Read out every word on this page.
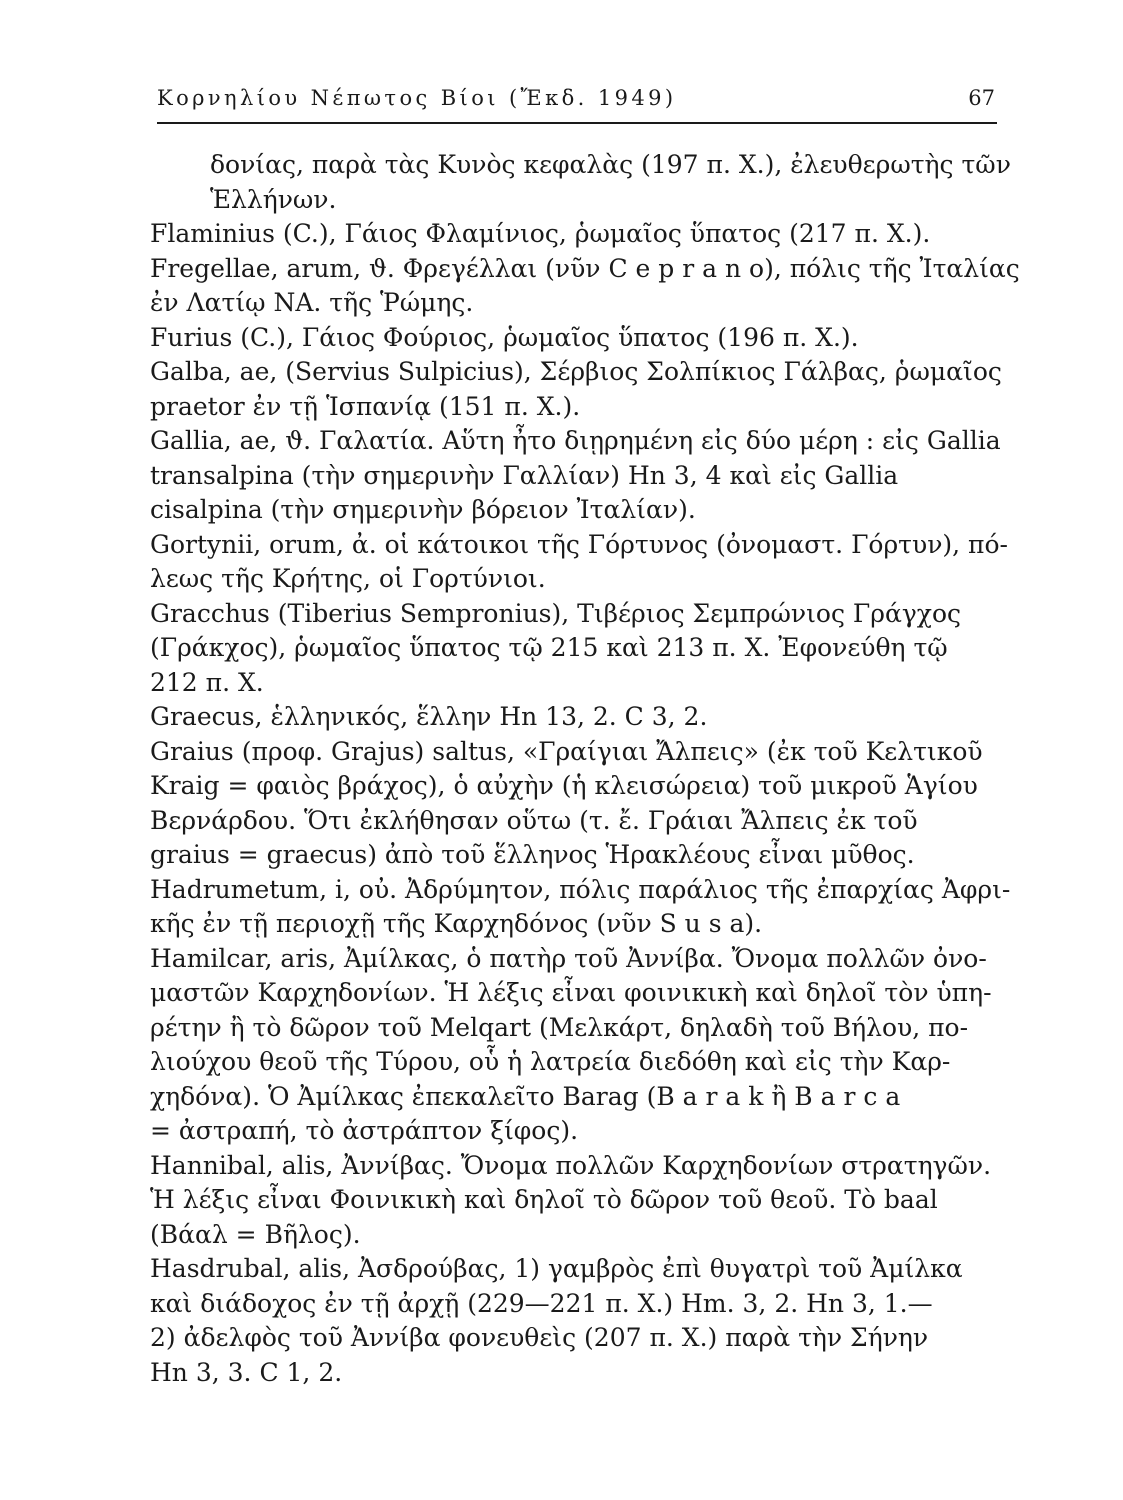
Κορνηλίου Νέπωτος Βίοι (Ἔκδ. 1949)	67
δονίας, παρὰ τὰς Κυνὸς κεφαλὰς (197 π. Χ.), ἐλευθερωτὴς τῶν
Ἑλλήνων.
Flaminius (C.), Γάιος Φλαμίνιος, ῥωμαῖος ὕπατος (217 π. Χ.).
Fregellae, arum, ϑ. Φρεγέλλαι (νῦν C e p r a n o), πόλις τῆς Ἰταλίας
ἐν Λατίῳ ΝΑ. τῆς Ῥώμης.
Furius (C.), Γάιος Φούριος, ῥωμαῖος ὕπατος (196 π. Χ.).
Galba, ae, (Servius Sulpicius), Σέρβιος Σολπίκιος Γάλβας, ῥωμαῖος
praetor ἐν τῇ Ἱσπανίᾳ (151 π. Χ.).
Gallia, ae, ϑ. Γαλατία. Αὕτη ἦτο διῃρημένη εἰς δύο μέρη : εἰς Gallia
transalpina (τὴν σημερινὴν Γαλλίαν) Hn 3, 4 καὶ εἰς Gallia
cisalpina (τὴν σημερινὴν βόρειον Ἰταλίαν).
Gortynii, orum, ἀ. οἱ κάτοικοι τῆς Γόρτυνος (ὀνομαστ. Γόρτυν), πό-
λεως τῆς Κρήτης, οἱ Γορτύνιοι.
Gracchus (Tiberius Sempronius), Τιβέριος Σεμπρώνιος Γράγχος
(Γράκχος), ῥωμαῖος ὕπατος τῷ 215 καὶ 213 π. Χ. Ἐφονεύθη τῷ
212 π. Χ.
Graecus, ἑλληνικός, ἕλλην Hn 13, 2. C 3, 2.
Graius (προφ. Grajus) saltus, «Γραίγιαι Ἄλπεις» (ἐκ τοῦ Κελτικοῦ
Kraig = φαιὸς βράχος), ὁ αὐχὴν (ἡ κλεισώρεια) τοῦ μικροῦ Ἁγίου
Βερνάρδου. Ὅτι ἐκλήθησαν οὕτω (τ. ἔ. Γράιαι Ἄλπεις ἐκ τοῦ
graius = graecus) ἀπὸ τοῦ ἕλληνος Ἡρακλέους εἶναι μῦθος.
Hadrumetum, i, οὐ. Ἀδρύμητον, πόλις παράλιος τῆς ἐπαρχίας Ἀφρι-
κῆς ἐν τῇ περιοχῇ τῆς Καρχηδόνος (νῦν S u s a).
Hamilcar, aris, Ἀμίλκας, ὁ πατὴρ τοῦ Ἀννίβα. Ὄνομα πολλῶν ὀνο-
μαστῶν Καρχηδονίων. Ἡ λέξις εἶναι φοινικικὴ καὶ δηλοῖ τὸν ὑπη-
ρέτην ἢ τὸ δῶρον τοῦ Melqart (Μελκάρτ, δηλαδὴ τοῦ Βήλου, πο-
λιούχου θεοῦ τῆς Τύρου, οὗ ἡ λατρεία διεδόθη καὶ εἰς τὴν Καρ-
χηδόνα). Ὁ Ἀμίλκας ἐπεκαλεῖτο Barag (B a r a k ἢ B a r c a
= ἀστραπή, τὸ ἀστράπτον ξίφος).
Hannibal, alis, Ἀννίβας. Ὄνομα πολλῶν Καρχηδονίων στρατηγῶν.
Ἡ λέξις εἶναι Φοινικικὴ καὶ δηλοῖ τὸ δῶρον τοῦ θεοῦ. Τὸ baal
(Βάαλ = Βῆλος).
Hasdrubal, alis, Ἀσδρούβας, 1) γαμβρὸς ἐπὶ θυγατρὶ τοῦ Ἀμίλκα
καὶ διάδοχος ἐν τῇ ἀρχῇ (229—221 π. Χ.) Hm. 3, 2. Hn 3, 1.—
2) ἀδελφὸς τοῦ Ἀννίβα φονευθεὶς (207 π. Χ.) παρὰ τὴν Σήνην
Hn 3, 3. C 1, 2.
